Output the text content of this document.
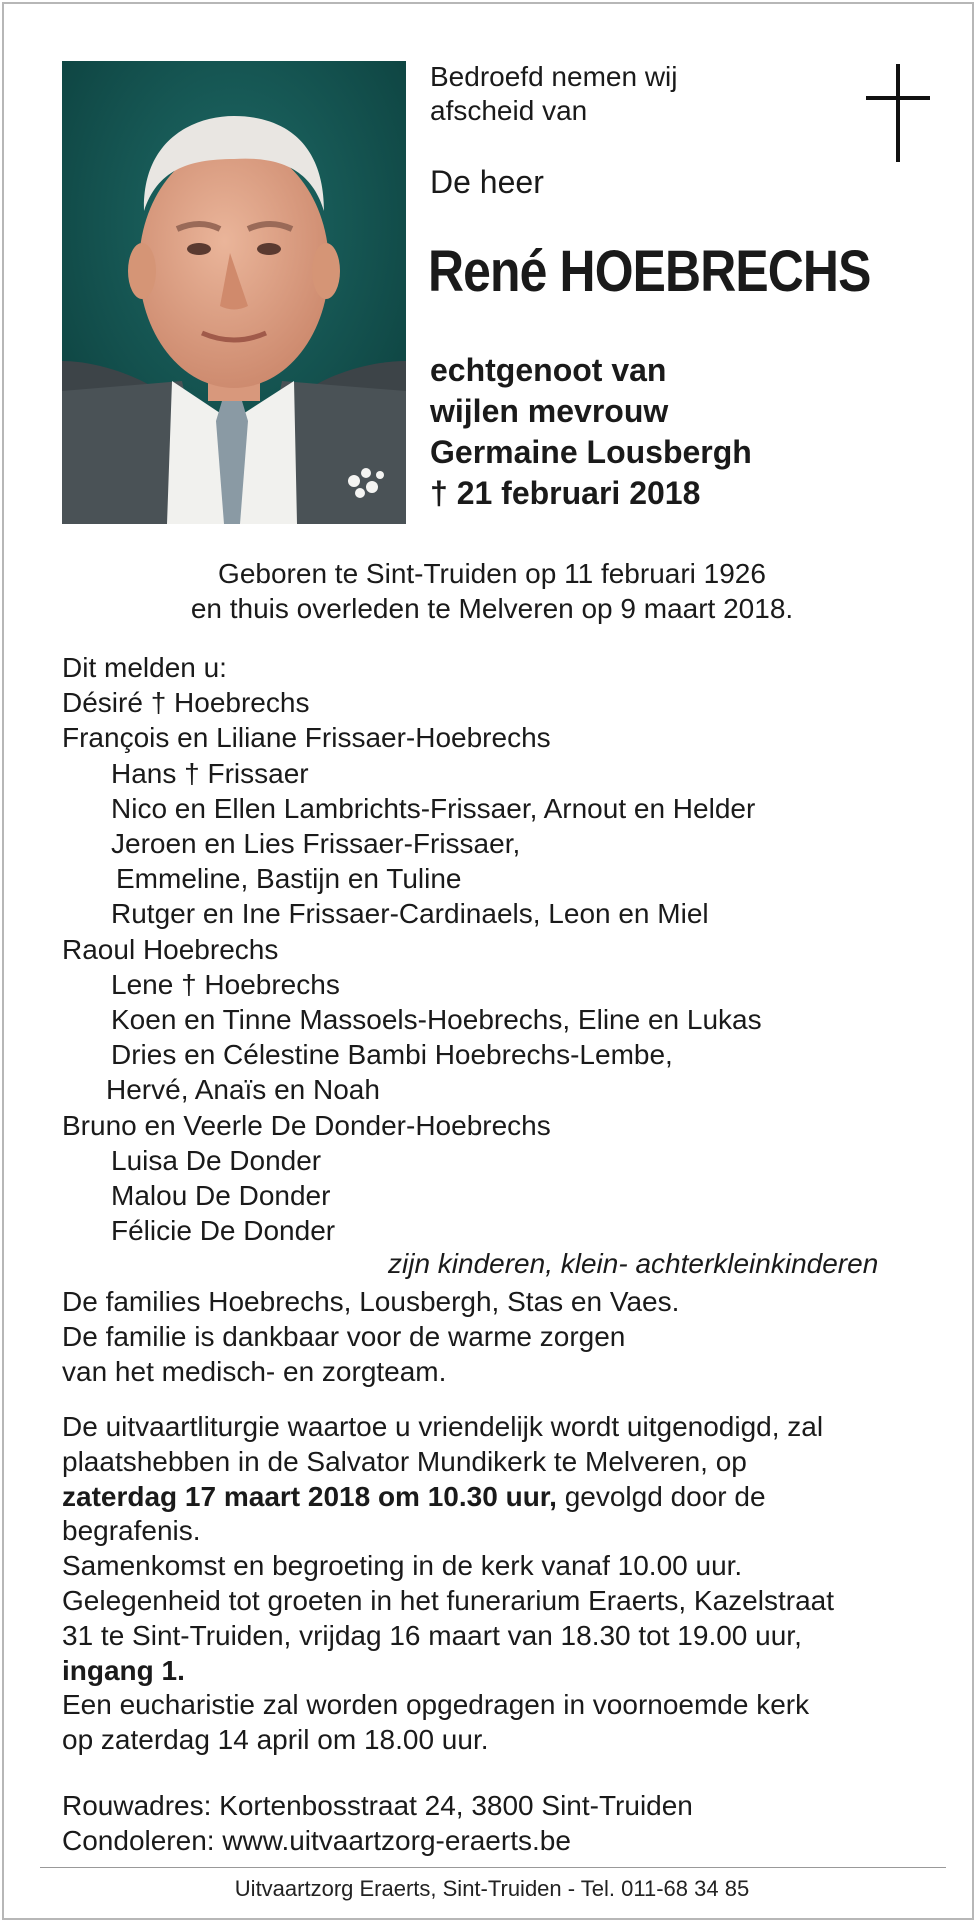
Bedroefd nemen wij
afscheid van
De heer
René HOEBRECHS
echtgenoot van
wijlen mevrouw
Germaine Lousbergh
† 21 februari 2018
Geboren te Sint-Truiden op 11 februari 1926
en thuis overleden te Melveren op 9 maart 2018.
Dit melden u:
Désiré † Hoebrechs
François en Liliane Frissaer-Hoebrechs
Hans † Frissaer
Nico en Ellen Lambrichts-Frissaer, Arnout en Helder
Jeroen en Lies Frissaer-Frissaer,
Emmeline, Bastijn en Tuline
Rutger en Ine Frissaer-Cardinaels, Leon en Miel
Raoul Hoebrechs
Lene † Hoebrechs
Koen en Tinne Massoels-Hoebrechs, Eline en Lukas
Dries en Célestine Bambi Hoebrechs-Lembe,
Hervé, Anaïs en Noah
Bruno en Veerle De Donder-Hoebrechs
Luisa De Donder
Malou De Donder
Félicie De Donder
zijn kinderen, klein- achterkleinkinderen
De families Hoebrechs, Lousbergh, Stas en Vaes.
De familie is dankbaar voor de warme zorgen
van het medisch- en zorgteam.
De uitvaartliturgie waartoe u vriendelijk wordt uitgenodigd, zal
plaatshebben in de Salvator Mundikerk te Melveren, op
zaterdag 17 maart 2018 om 10.30 uur, gevolgd door de
begrafenis.
Samenkomst en begroeting in de kerk vanaf 10.00 uur.
Gelegenheid tot groeten in het funerarium Eraerts, Kazelstraat
31 te Sint-Truiden, vrijdag 16 maart van 18.30 tot 19.00 uur,
ingang 1.
Een eucharistie zal worden opgedragen in voornoemde kerk
op zaterdag 14 april om 18.00 uur.
Rouwadres: Kortenbosstraat 24, 3800 Sint-Truiden
Condoleren: www.uitvaartzorg-eraerts.be
Uitvaartzorg Eraerts, Sint-Truiden - Tel. 011-68 34 85
